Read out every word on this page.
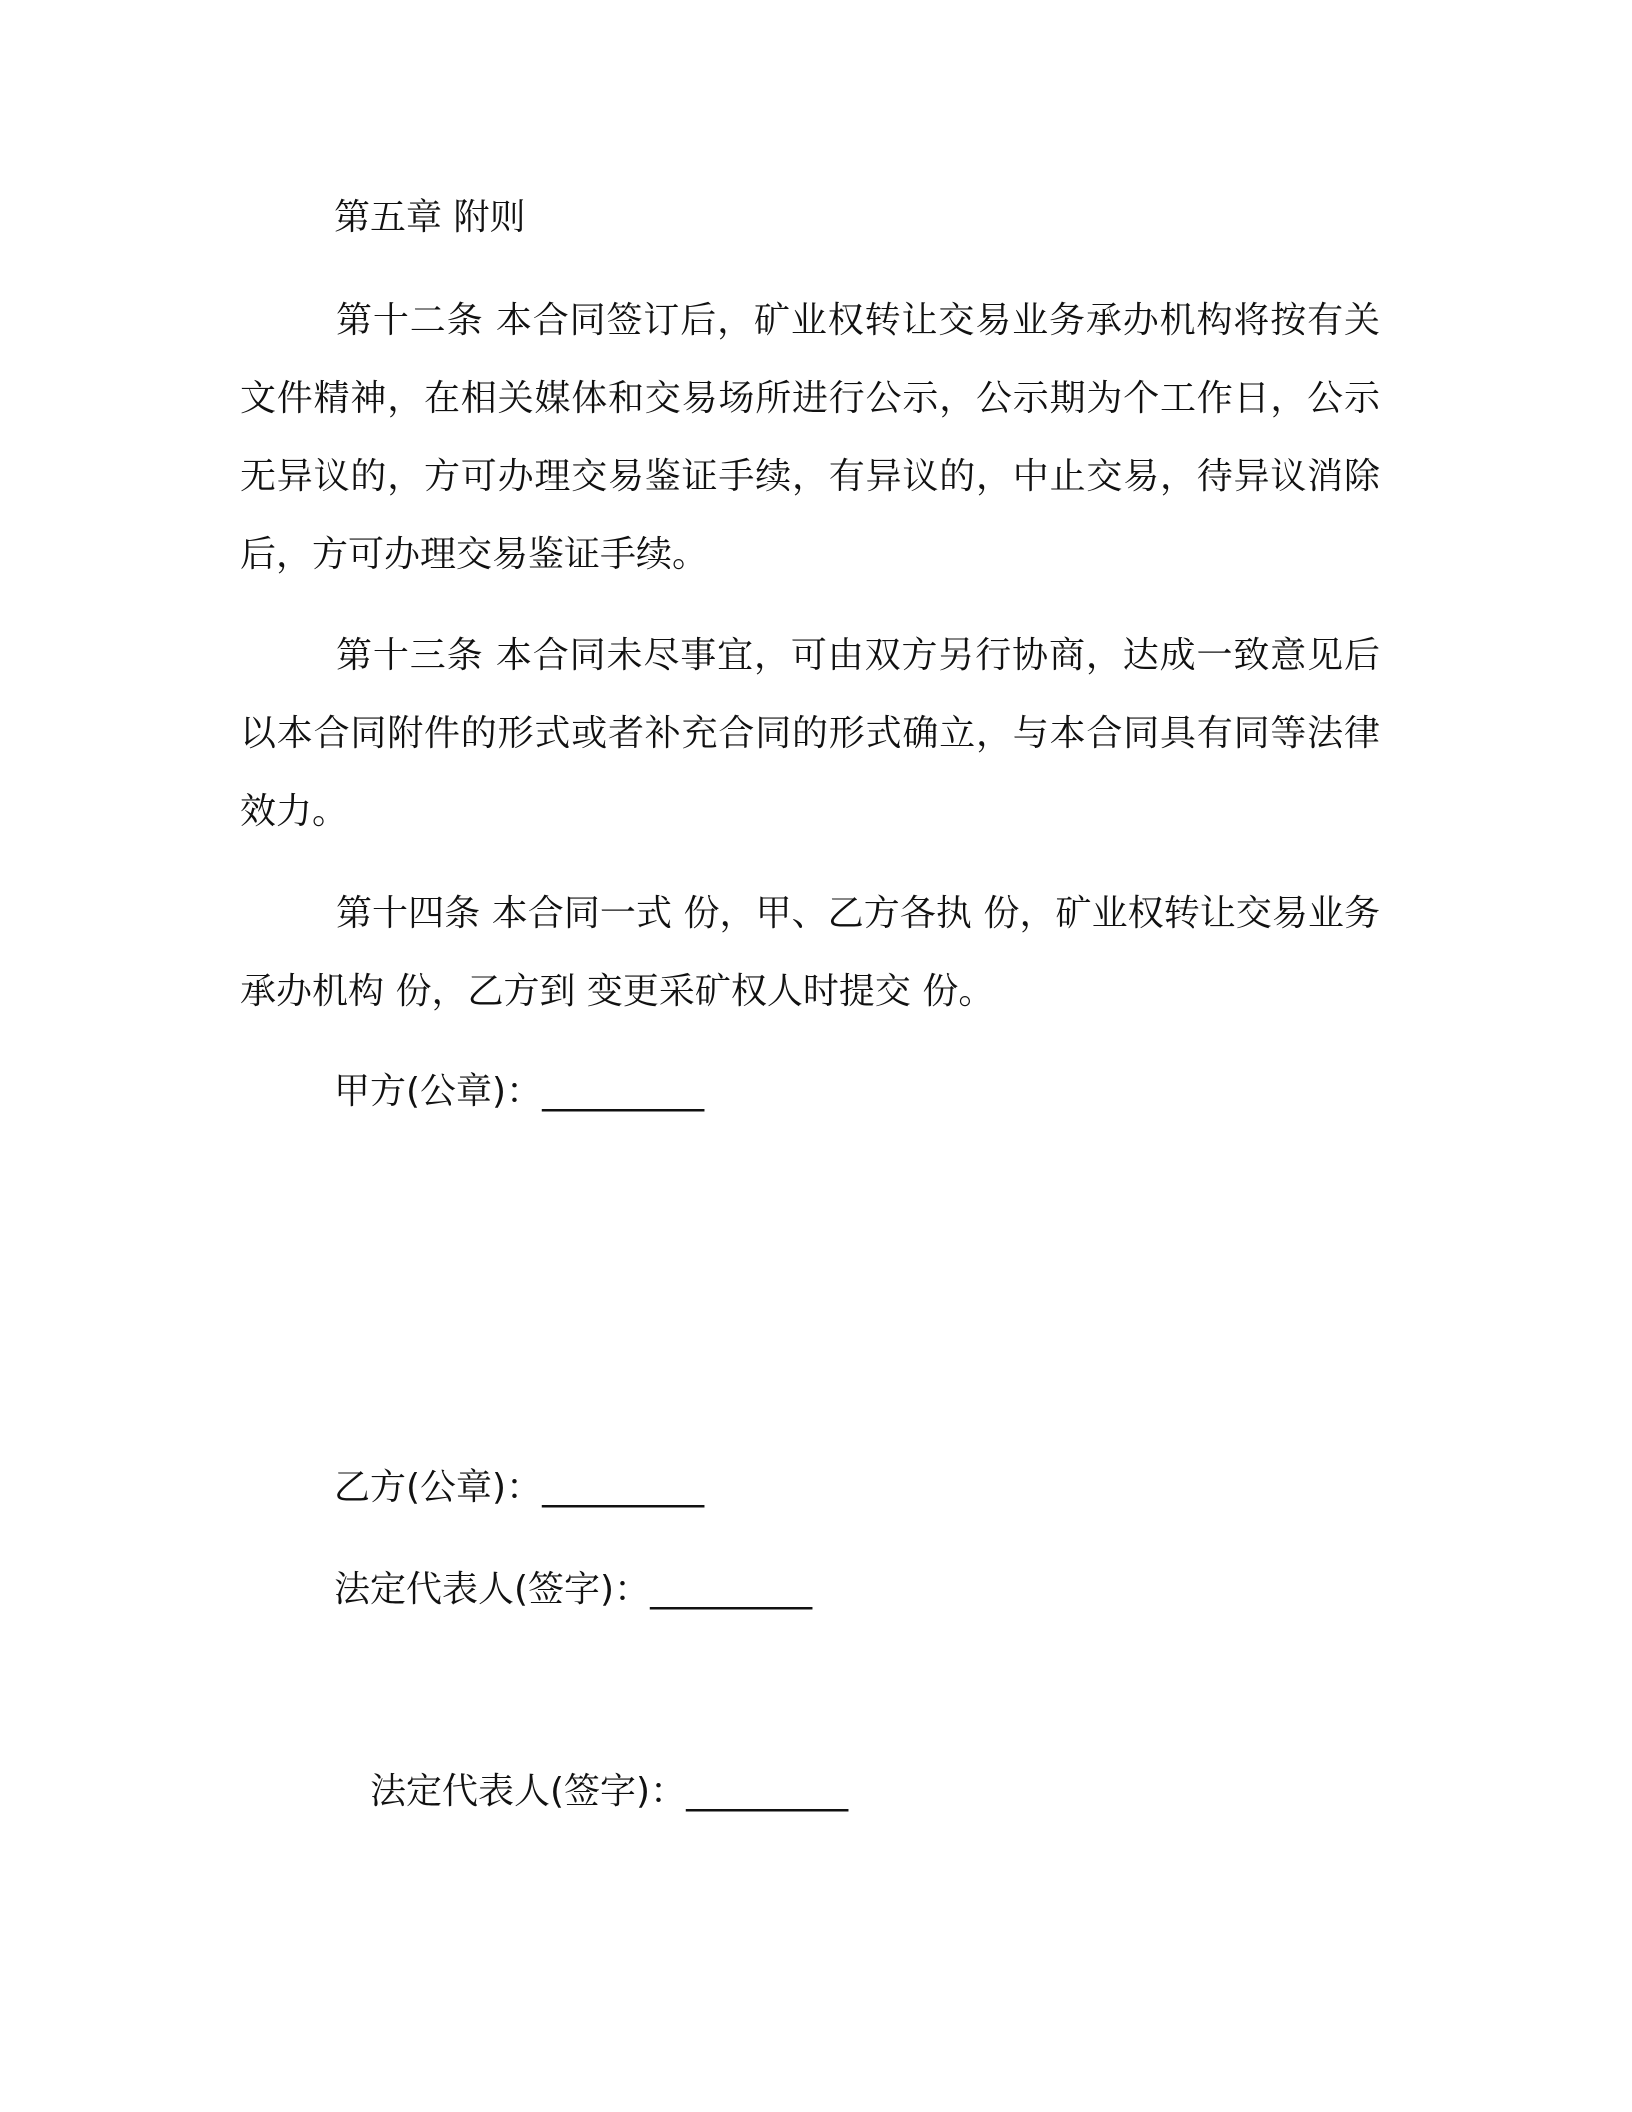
第五章 附则

第十二条 本合同签订后，矿业权转让交易业务承办机构将按有关文件精神，在相关媒体和交易场所进行公示，公示期为个工作日，公示无异议的，方可办理交易鉴证手续，有异议的，中止交易，待异议消除后，方可办理交易鉴证手续。

第十三条 本合同未尽事宜，可由双方另行协商，达成一致意见后以本合同附件的形式或者补充合同的形式确立，与本合同具有同等法律效力。

第十四条 本合同一式 份，甲、乙方各执 份，矿业权转让交易业务承办机构 份，乙方到 变更采矿权人时提交 份。

甲方(公章)：_________

乙方(公章)：_________

法定代表人(签字)：_________

法定代表人(签字)：_________
